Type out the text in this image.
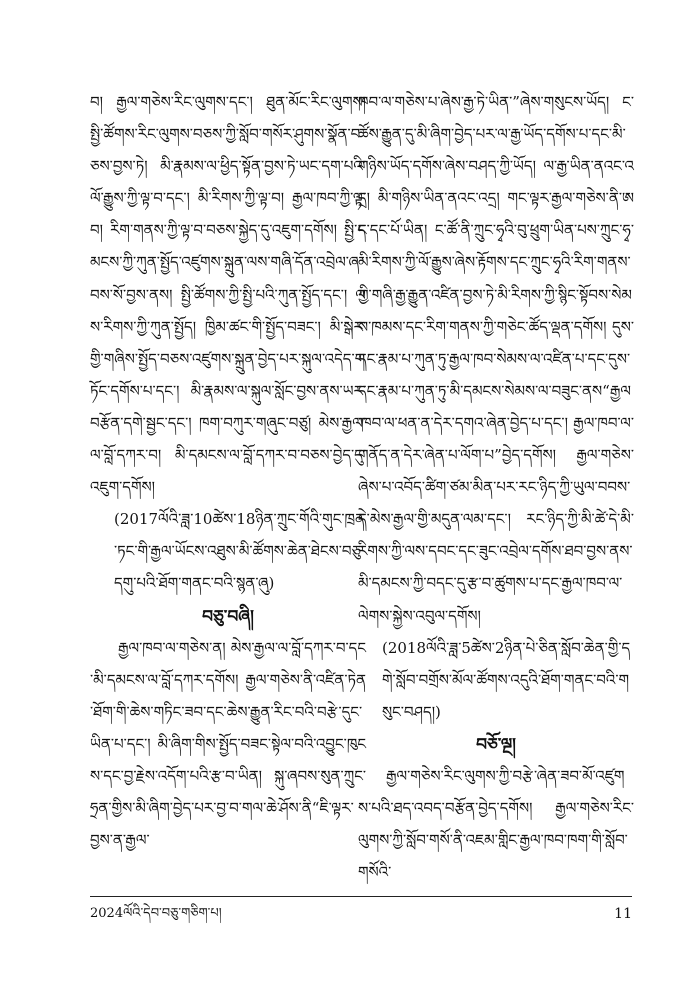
བ། རྒྱལ་གཅེས་རིང་ལུགས་དང་། ཐུན་མོང་རིང་ལུགས། སྤྱི་ཚོགས་རིང་ལུགས་བཅས་ཀྱི་སློབ་གསོར་ཤུགས་སྣོན་བཅས་བྱས་ཏེ། མི་རྣམས་ལ་ཕྱིད་སྟོན་བྱས་ཏེ་ཡང་དག་པའི་ལོ་རྒྱུས་ཀྱི་ལྟ་བ་དང་། མི་རིགས་ཀྱི་ལྟ་བ། རྒྱལ་ཁབ་ཀྱི་ལྟ་བ། རིག་གནས་ཀྱི་ལྟ་བ་བཅས་སྐྱེད་དུ་འཇུག་དགོས། སྤྱི་དམངས་ཀྱི་ཀུན་སྤྱོད་འཛུགས་སྐྲུན་ལས་གཞི་དོན་འབྲེལ་ཞབས་སོ་བྱས་ནས། སྤྱི་ཚོགས་ཀྱི་སྤྱི་པའི་ཀུན་སྤྱོད་དང་། ལས་རིགས་ཀྱི་ཀུན་སྤྱོད། ཁྱིམ་ཚང་གི་སྤྱོད་བཟང་། མི་སྒེར་གྱི་གཞིས་སྤྱོད་བཅས་འཛུགས་སྐྲུན་བྱེད་པར་སྐུལ་འདེད་གཏོང་དགོས་པ་དང་། མི་རྣམས་ལ་སྐུལ་སློང་བྱས་ནས་ཡར་བརྩོན་དགེ་སྦྱང་དང་། ཁག་བཀུར་གཞུང་བཙུ། མེས་རྒྱལ་ལ་བློ་དཀར་བ། མི་དམངས་ལ་བློ་དཀར་བ་བཅས་བྱེད་དུ་འཇུག་དགོས།

(2017ལོའི་ཟླ་10ཚེས་18ཉིན་ཀྲུང་གོའི་གུང་ཁྲན་ཏང་གི་རྒྱལ་ཡོངས་འཐུས་མི་ཚོགས་ཆེན་ཐེངས་བཅུ་དགུ་པའི་ཐོག་གནང་བའི་སྙན་ཞུ)

བཅུ་བཞི།

རྒྱལ་ཁབ་ལ་གཅེས་ན། མེས་རྒྱལ་ལ་བློ་དཀར་བ་དང་མི་དམངས་ལ་བློ་དཀར་དགོས། རྒྱལ་གཅེས་ནི་འཛིན་ཏེན་ཐོག་གི་ཆེས་གཏིང་ཟབ་དང་ཆེས་རྒྱུན་རིང་བའི་བརྩེ་དུང་ཡིན་པ་དང་། མི་ཞིག་གིས་སྤྱོད་བཟང་སྟེལ་བའི་འབྱུང་ཁུངས་དང་བྱ་རྗེས་འདོག་པའི་རྩ་བ་ཡིན། སྐུ་ཞབས་སུན་ཀྲུང་ཧྲན་གྱིས་མི་ཞིག་བྱེད་པར་བྱ་བ་གལ་ཆེ་ཤོས་ནི“ཇི་ལྟར་བྱས་ན་རྒྱལ་

ཁབ་ལ་གཅེས་པ་ཞེས་རྒྱ་ཏེ་ཡིན་”ཞེས་གསུངས་ཡོད། ང་ཚོས་རྒྱུན་དུ་མི་ཞིག་བྱེད་པར་ལ་རྒྱ་ཡོད་དགོས་པ་དང་མི་གཉིས་ཡོད་དགོས་ཞེས་བཤད་ཀྱི་ཡོད། ལ་རྒྱ་ཡིན་ནའང་འདྲ། མི་གཉིས་ཡིན་ནའང་འདྲ། གང་ལྟར་རྒྱལ་གཅེས་ནི་ཨང་དང་པོ་ཡིན། ང་ཚོ་ནི་ཀྲུང་ཧྭའི་བུ་ཕྲུག་ཡིན་པས་ཀྲུང་ཧྭ་མི་རིགས་ཀྱི་ལོ་རྒྱུས་ཞེས་རྟོགས་དང་ཀྲུང་ཧྭའི་རིག་གནས་ཀྱི་གཞི་རྒྱ་རྒྱུན་འཛིན་བྱས་ཏེ་མི་རིགས་ཀྱི་སྙིང་སྟོབས་སེམས་ཁམས་དང་རིག་གནས་ཀྱི་གཅེང་ཚོད་ལྡན་དགོས། དུས་དང་རྣམ་པ་ཀུན་ཏུ་རྒྱལ་ཁབ་སེམས་ལ་འཛིན་པ་དང་དུས་དང་རྣམ་པ་ཀུན་ཏུ་མི་དམངས་སེམས་ལ་བཟུང་ནས“རྒྱལ་ཁབ་ལ་ཕན་ན་དེར་དགའ་ཞེན་བྱེད་པ་དང་། རྒྱལ་ཁབ་ལ་གནོད་ན་དེར་ཞེན་པ་ལོག་པ”བྱེད་དགོས། རྒྱལ་གཅེས་ཞེས་པ་འབོད་ཚིག་ཙམ་མིན་པར་རང་ཉིད་ཀྱི་ཡུལ་བབས་དེ་མེས་རྒྱལ་གྱི་མདུན་ལམ་དང་། རང་ཉིད་ཀྱི་མི་ཚེ་དེ་མི་རིགས་ཀྱི་ལས་དབང་དང་ཟུང་འབྲེལ་དགོས་ཐབ་བྱས་ནས་མི་དམངས་ཀྱི་བདང་དུ་རྩ་བ་ཚུགས་པ་དང་རྒྱལ་ཁབ་ལ་ལེགས་སྐྱེས་འབུལ་དགོས།

(2018ལོའི་ཟླ་5ཚེས་2ཉིན་པེ་ཅིན་སློབ་ཆེན་གྱི་དགེ་སློབ་བགྲོས་མོལ་ཚོགས་འདུའི་ཐོག་གནང་བའི་གསུང་བཤད།)

བཅོ་ལྔ།

རྒྱལ་གཅེས་རིང་ལུགས་ཀྱི་བརྩེ་ཞེན་ཟབ་མོ་འཛུགས་པའི་ཐད་འབད་བརྩོན་བྱེད་དགོས། རྒྱལ་གཅེས་རིང་ལུགས་ཀྱི་སློབ་གསོ་ནི་འཇམ་གླིང་རྒྱལ་ཁབ་ཁག་གི་སློབ་གསོའི་

2024ལོའི་དེབ་བཅུ་གཅིག་པ།	11
